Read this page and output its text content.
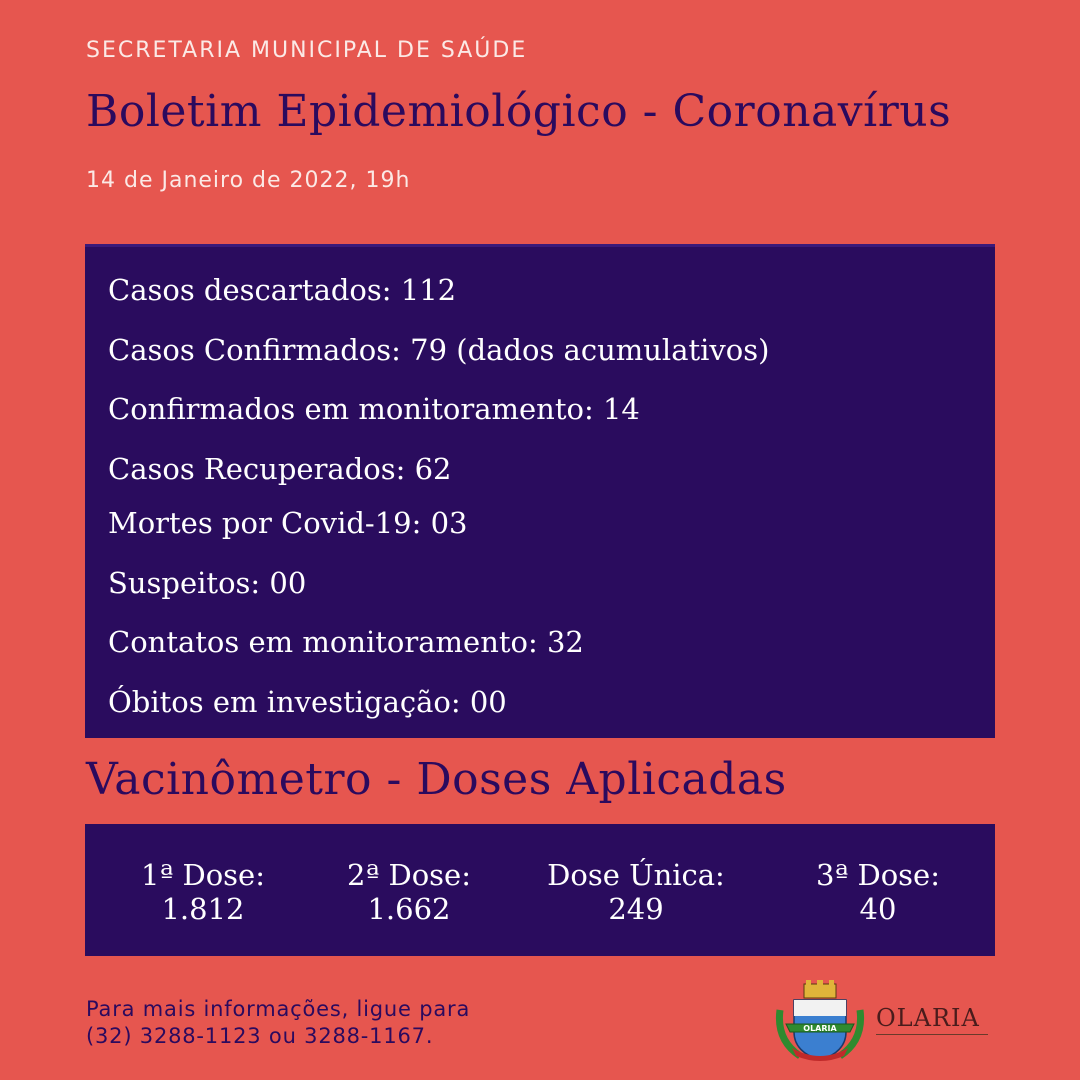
SECRETARIA MUNICIPAL DE SAÚDE
Boletim Epidemiológico - Coronavírus
14 de Janeiro de 2022, 19h
Casos descartados: 112
Casos Confirmados: 79 (dados acumulativos)
Confirmados em monitoramento: 14
Casos Recuperados: 62
Mortes por Covid-19: 03
Suspeitos: 00
Contatos em monitoramento: 32
Óbitos em investigação: 00
Vacinômetro - Doses Aplicadas
1ª Dose:
1.812
2ª Dose:
1.662
Dose Única:
249
3ª Dose:
40
Para mais informações, ligue para
(32) 3288-1123 ou 3288-1167.	OLARIA OLARIA
